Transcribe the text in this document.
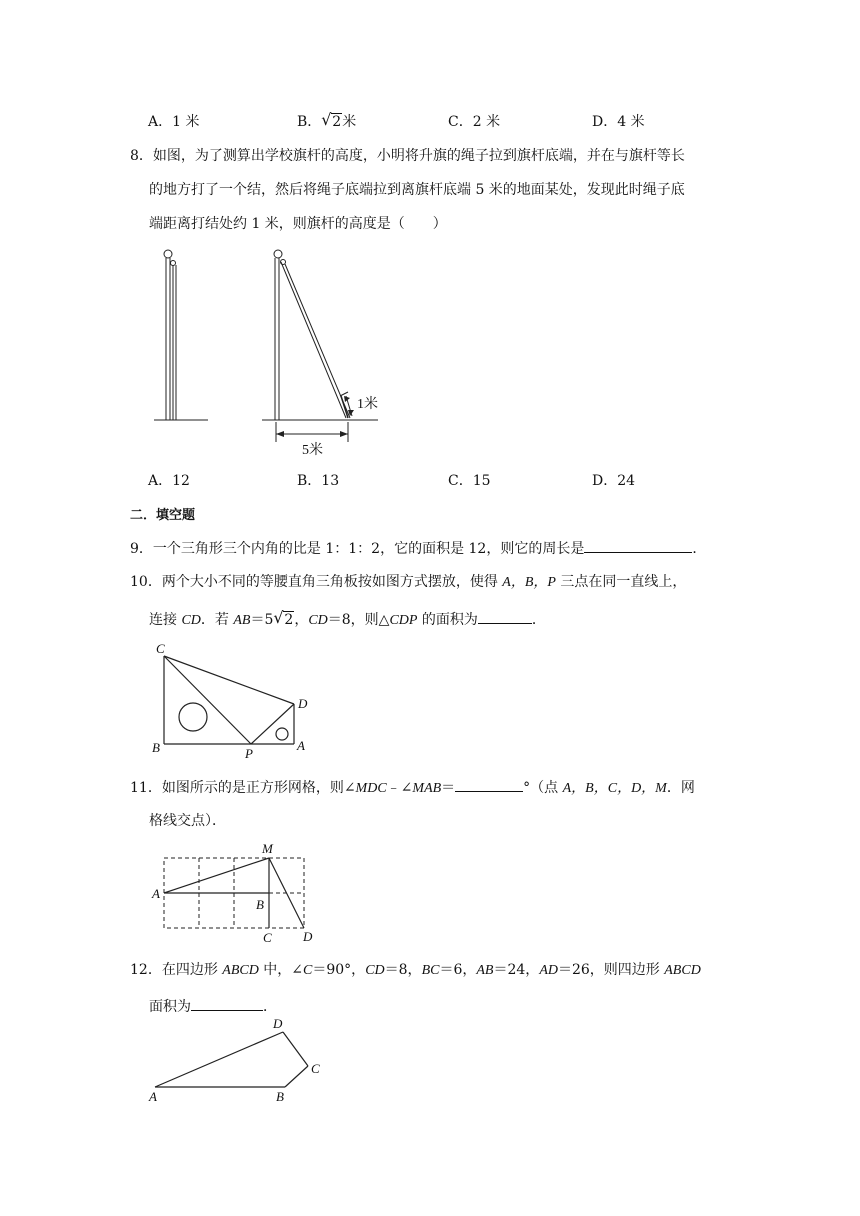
A．1 米	B． √ 2米	C．2 米	D．4 米
8．如图，为了测算出学校旗杆的高度，小明将升旗的绳子拉到旗杆底端，并在与旗杆等长
的地方打了一个结，然后将绳子底端拉到离旗杆底端 5 米的地面某处，发现此时绳子底
端距离打结处约 1 米，则旗杆的高度是（　　）
1米
5米
A．12	B．13	C．15	D．24
二．填空题
9．一个三角形三个内角的比是 1：1：2，它的面积是 12，则它的周长是	．
10．两个大小不同的等腰直角三角板按如图方式摆放，使得 A，B，P 三点在同一直线上，
连接 CD．若 AB＝5 √ 2，CD＝8，则△CDP 的面积为	．
C
D
B	P
A
11．如图所示的是正方形网格，则∠MDC﹣∠MAB＝	°（点 A，B，C，D，M．网
格线交点）．
M
A
B
C D
12．在四边形 ABCD 中，∠C＝90°，CD＝8，BC＝6，AB＝24，AD＝26，则四边形 ABCD
面积为	．
D
C
A	B
